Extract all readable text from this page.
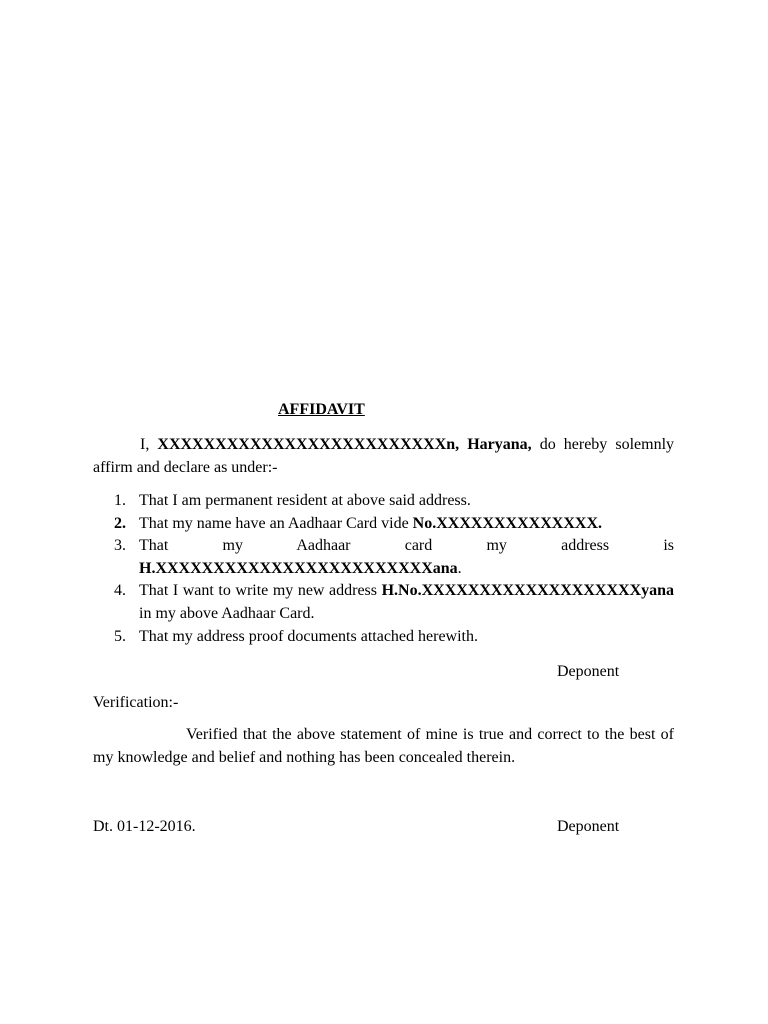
AFFIDAVIT
I, XXXXXXXXXXXXXXXXXXXXXXXXXn, Haryana, do hereby solemnly affirm and declare as under:-
1. That I am permanent resident at above said address.
2. That my name have an Aadhaar Card vide No.XXXXXXXXXXXXXX.
3. That my Aadhaar card my address is H.XXXXXXXXXXXXXXXXXXXXXXXXana.
4. That I want to write my new address H.No.XXXXXXXXXXXXXXXXXXXyana in my above Aadhaar Card.
5. That my address proof documents attached herewith.
Deponent
Verification:-
Verified that the above statement of mine is true and correct to the best of my knowledge and belief and nothing has been concealed therein.
Dt. 01-12-2016.	Deponent
